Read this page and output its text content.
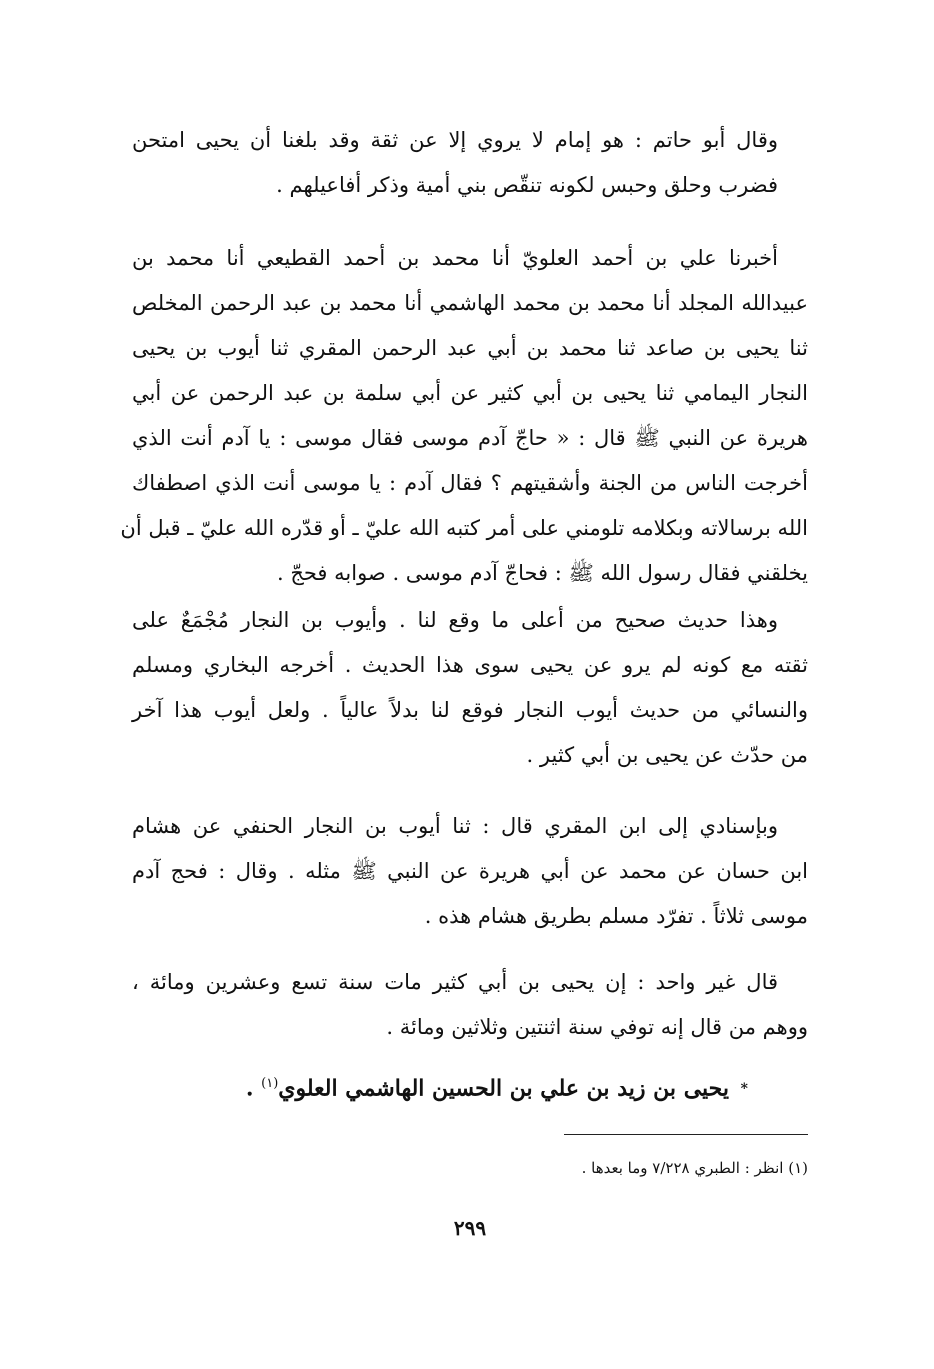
وقال أبو حاتم : هو إمام لا يروي إلا عن ثقة وقد بلغنا أن يحيى امتحن
فضرب وحلق وحبس لكونه تنقّص بني أمية وذكر أفاعيلهم .

أخبرنا علي بن أحمد العلويّ أنا محمد بن أحمد القطيعي أنا محمد بن
عبيدالله المجلد أنا محمد بن محمد الهاشمي أنا محمد بن عبد الرحمن المخلص
ثنا يحيى بن صاعد ثنا محمد بن أبي عبد الرحمن المقري ثنا أيوب بن يحيى
النجار اليمامي ثنا يحيى بن أبي كثير عن أبي سلمة بن عبد الرحمن عن أبي
هريرة عن النبي ﷺ قال : « حاجّ آدم موسى فقال موسى : يا آدم أنت الذي
أخرجت الناس من الجنة وأشقيتهم ؟ فقال آدم : يا موسى أنت الذي اصطفاك
الله برسالاته وبكلامه تلومني على أمر كتبه الله عليّ ـ أو قدّره الله عليّ ـ قبل أن
يخلقني فقال رسول الله ﷺ : فحاجّ آدم موسى . صوابه فحجّ .

وهذا حديث صحيح من أعلى ما وقع لنا . وأيوب بن النجار مُجْمَعٌ على
ثقته مع كونه لم يرو عن يحيى سوى هذا الحديث . أخرجه البخاري ومسلم
والنسائي من حديث أيوب النجار فوقع لنا بدلاً عالياً . ولعل أيوب هذا آخر
من حدّث عن يحيى بن أبي كثير .

وبإسنادي إلى ابن المقري قال : ثنا أيوب بن النجار الحنفي عن هشام
ابن حسان عن محمد عن أبي هريرة عن النبي ﷺ مثله . وقال : فحج آدم
موسى ثلاثاً . تفرّد مسلم بطريق هشام هذه .

قال غير واحد : إن يحيى بن أبي كثير مات سنة تسع وعشرين ومائة ،
ووهم من قال إنه توفي سنة اثنتين وثلاثين ومائة .

* يحيى بن زيد بن علي بن الحسين الهاشمي العلوي$^{(١)}$ .
(١) انظر : الطبري ٧/٢٢٨ وما بعدها .
٢٩٩
